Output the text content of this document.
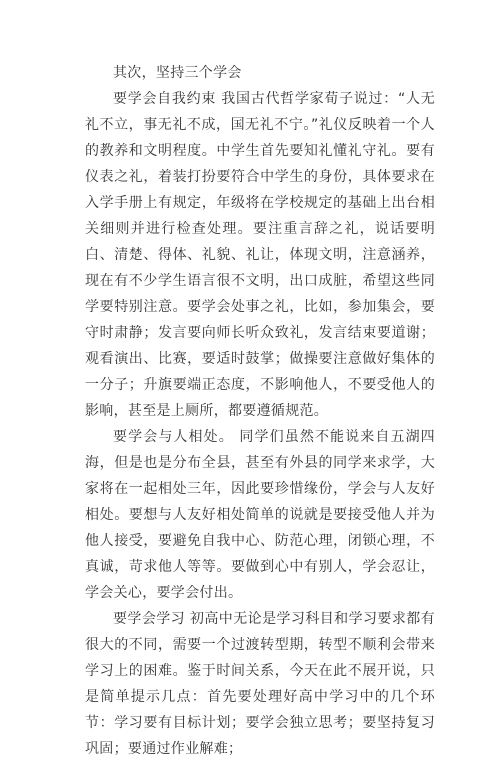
其次，坚持三个学会

要学会自我约束 我国古代哲学家荀子说过：“人无礼不立，事无礼不成，国无礼不宁。”礼仪反映着一个人的教养和文明程度。中学生首先要知礼懂礼守礼。要有仪表之礼，着装打扮要符合中学生的身份，具体要求在入学手册上有规定，年级将在学校规定的基础上出台相关细则并进行检查处理。要注重言辞之礼，说话要明白、清楚、得体、礼貌、礼让，体现文明，注意涵养，现在有不少学生语言很不文明，出口成脏，希望这些同学要特别注意。要学会处事之礼，比如，参加集会，要守时肃静；发言要向师长听众致礼，发言结束要道谢；观看演出、比赛，要适时鼓掌；做操要注意做好集体的一分子；升旗要端正态度，不影响他人，不要受他人的影响，甚至是上厕所，都要遵循规范。

要学会与人相处。 同学们虽然不能说来自五湖四海，但是也是分布全县，甚至有外县的同学来求学，大家将在一起相处三年，因此要珍惜缘份，学会与人友好相处。要想与人友好相处简单的说就是要接受他人并为他人接受，要避免自我中心、防范心理，闭锁心理，不真诚，苛求他人等等。要做到心中有别人，学会忍让，学会关心，要学会付出。

要学会学习 初高中无论是学习科目和学习要求都有很大的不同，需要一个过渡转型期，转型不顺利会带来学习上的困难。鉴于时间关系，今天在此不展开说，只是简单提示几点：首先要处理好高中学习中的几个环节：学习要有目标计划；要学会独立思考；要坚持复习巩固；要通过作业解难；
